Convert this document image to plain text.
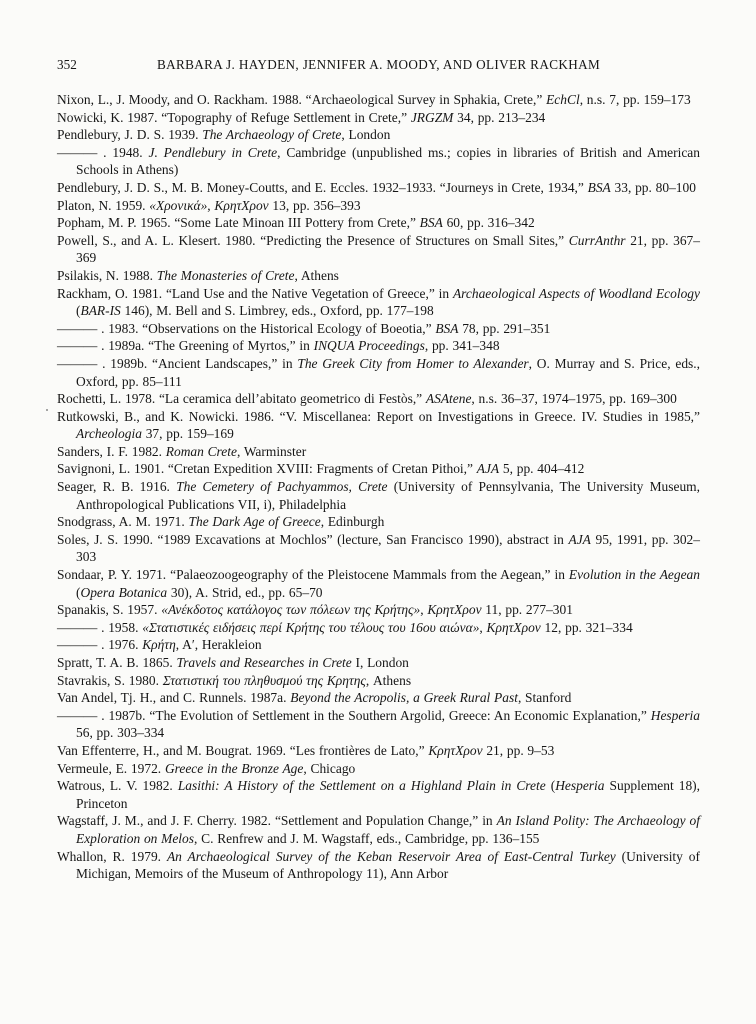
352	BARBARA J. HAYDEN, JENNIFER A. MOODY, AND OLIVER RACKHAM

Nixon, L., J. Moody, and O. Rackham. 1988. “Archaeological Survey in Sphakia, Crete,” EchCl, n.s. 7, pp. 159–173

Nowicki, K. 1987. “Topography of Refuge Settlement in Crete,” JRGZM 34, pp. 213–234

Pendlebury, J. D. S. 1939. The Archaeology of Crete, London

——— . 1948. J. Pendlebury in Crete, Cambridge (unpublished ms.; copies in libraries of British and American Schools in Athens)

Pendlebury, J. D. S., M. B. Money-Coutts, and E. Eccles. 1932–1933. “Journeys in Crete, 1934,” BSA 33, pp. 80–100

Platon, N. 1959. «Χρονικά», ΚρητΧρον 13, pp. 356–393

Popham, M. P. 1965. “Some Late Minoan III Pottery from Crete,” BSA 60, pp. 316–342

Powell, S., and A. L. Klesert. 1980. “Predicting the Presence of Structures on Small Sites,” CurrAnthr 21, pp. 367–369

Psilakis, N. 1988. The Monasteries of Crete, Athens

Rackham, O. 1981. “Land Use and the Native Vegetation of Greece,” in Archaeological Aspects of Woodland Ecology (BAR-IS 146), M. Bell and S. Limbrey, eds., Oxford, pp. 177–198

——— . 1983. “Observations on the Historical Ecology of Boeotia,” BSA 78, pp. 291–351

——— . 1989a. “The Greening of Myrtos,” in INQUA Proceedings, pp. 341–348

——— . 1989b. “Ancient Landscapes,” in The Greek City from Homer to Alexander, O. Murray and S. Price, eds., Oxford, pp. 85–111

Rochetti, L. 1978. “La ceramica dell’abitato geometrico di Festòs,” ASAtene, n.s. 36–37, 1974–1975, pp. 169–300

Rutkowski, B., and K. Nowicki. 1986. “V. Miscellanea: Report on Investigations in Greece. IV. Studies in 1985,” Archeologia 37, pp. 159–169

Sanders, I. F. 1982. Roman Crete, Warminster

Savignoni, L. 1901. “Cretan Expedition XVIII: Fragments of Cretan Pithoi,” AJA 5, pp. 404–412

Seager, R. B. 1916. The Cemetery of Pachyammos, Crete (University of Pennsylvania, The University Museum, Anthropological Publications VII, i), Philadelphia

Snodgrass, A. M. 1971. The Dark Age of Greece, Edinburgh

Soles, J. S. 1990. “1989 Excavations at Mochlos” (lecture, San Francisco 1990), abstract in AJA 95, 1991, pp. 302–303

Sondaar, P. Y. 1971. “Palaeozoogeography of the Pleistocene Mammals from the Aegean,” in Evolution in the Aegean (Opera Botanica 30), A. Strid, ed., pp. 65–70

Spanakis, S. 1957. «Ανέκδοτος κατάλογος των πόλεων της Κρήτης», ΚρητΧρον 11, pp. 277–301

——— . 1958. «Στατιστικές ειδήσεις περί Κρήτης του τέλους του 16ου αιώνα», ΚρητΧρον 12, pp. 321–334

——— . 1976. Κρήτη, Α′, Herakleion

Spratt, T. A. B. 1865. Travels and Researches in Crete I, London

Stavrakis, S. 1980. Στατιστική του πληθυσμού της Κρητης, Athens

Van Andel, Tj. H., and C. Runnels. 1987a. Beyond the Acropolis, a Greek Rural Past, Stanford

——— . 1987b. “The Evolution of Settlement in the Southern Argolid, Greece: An Economic Explanation,” Hesperia 56, pp. 303–334

Van Effenterre, H., and M. Bougrat. 1969. “Les frontières de Lato,” ΚρητΧρον 21, pp. 9–53

Vermeule, E. 1972. Greece in the Bronze Age, Chicago

Watrous, L. V. 1982. Lasithi: A History of the Settlement on a Highland Plain in Crete (Hesperia Supplement 18), Princeton

Wagstaff, J. M., and J. F. Cherry. 1982. “Settlement and Population Change,” in An Island Polity: The Archaeology of Exploration on Melos, C. Renfrew and J. M. Wagstaff, eds., Cambridge, pp. 136–155

Whallon, R. 1979. An Archaeological Survey of the Keban Reservoir Area of East-Central Turkey (University of Michigan, Memoirs of the Museum of Anthropology 11), Ann Arbor
